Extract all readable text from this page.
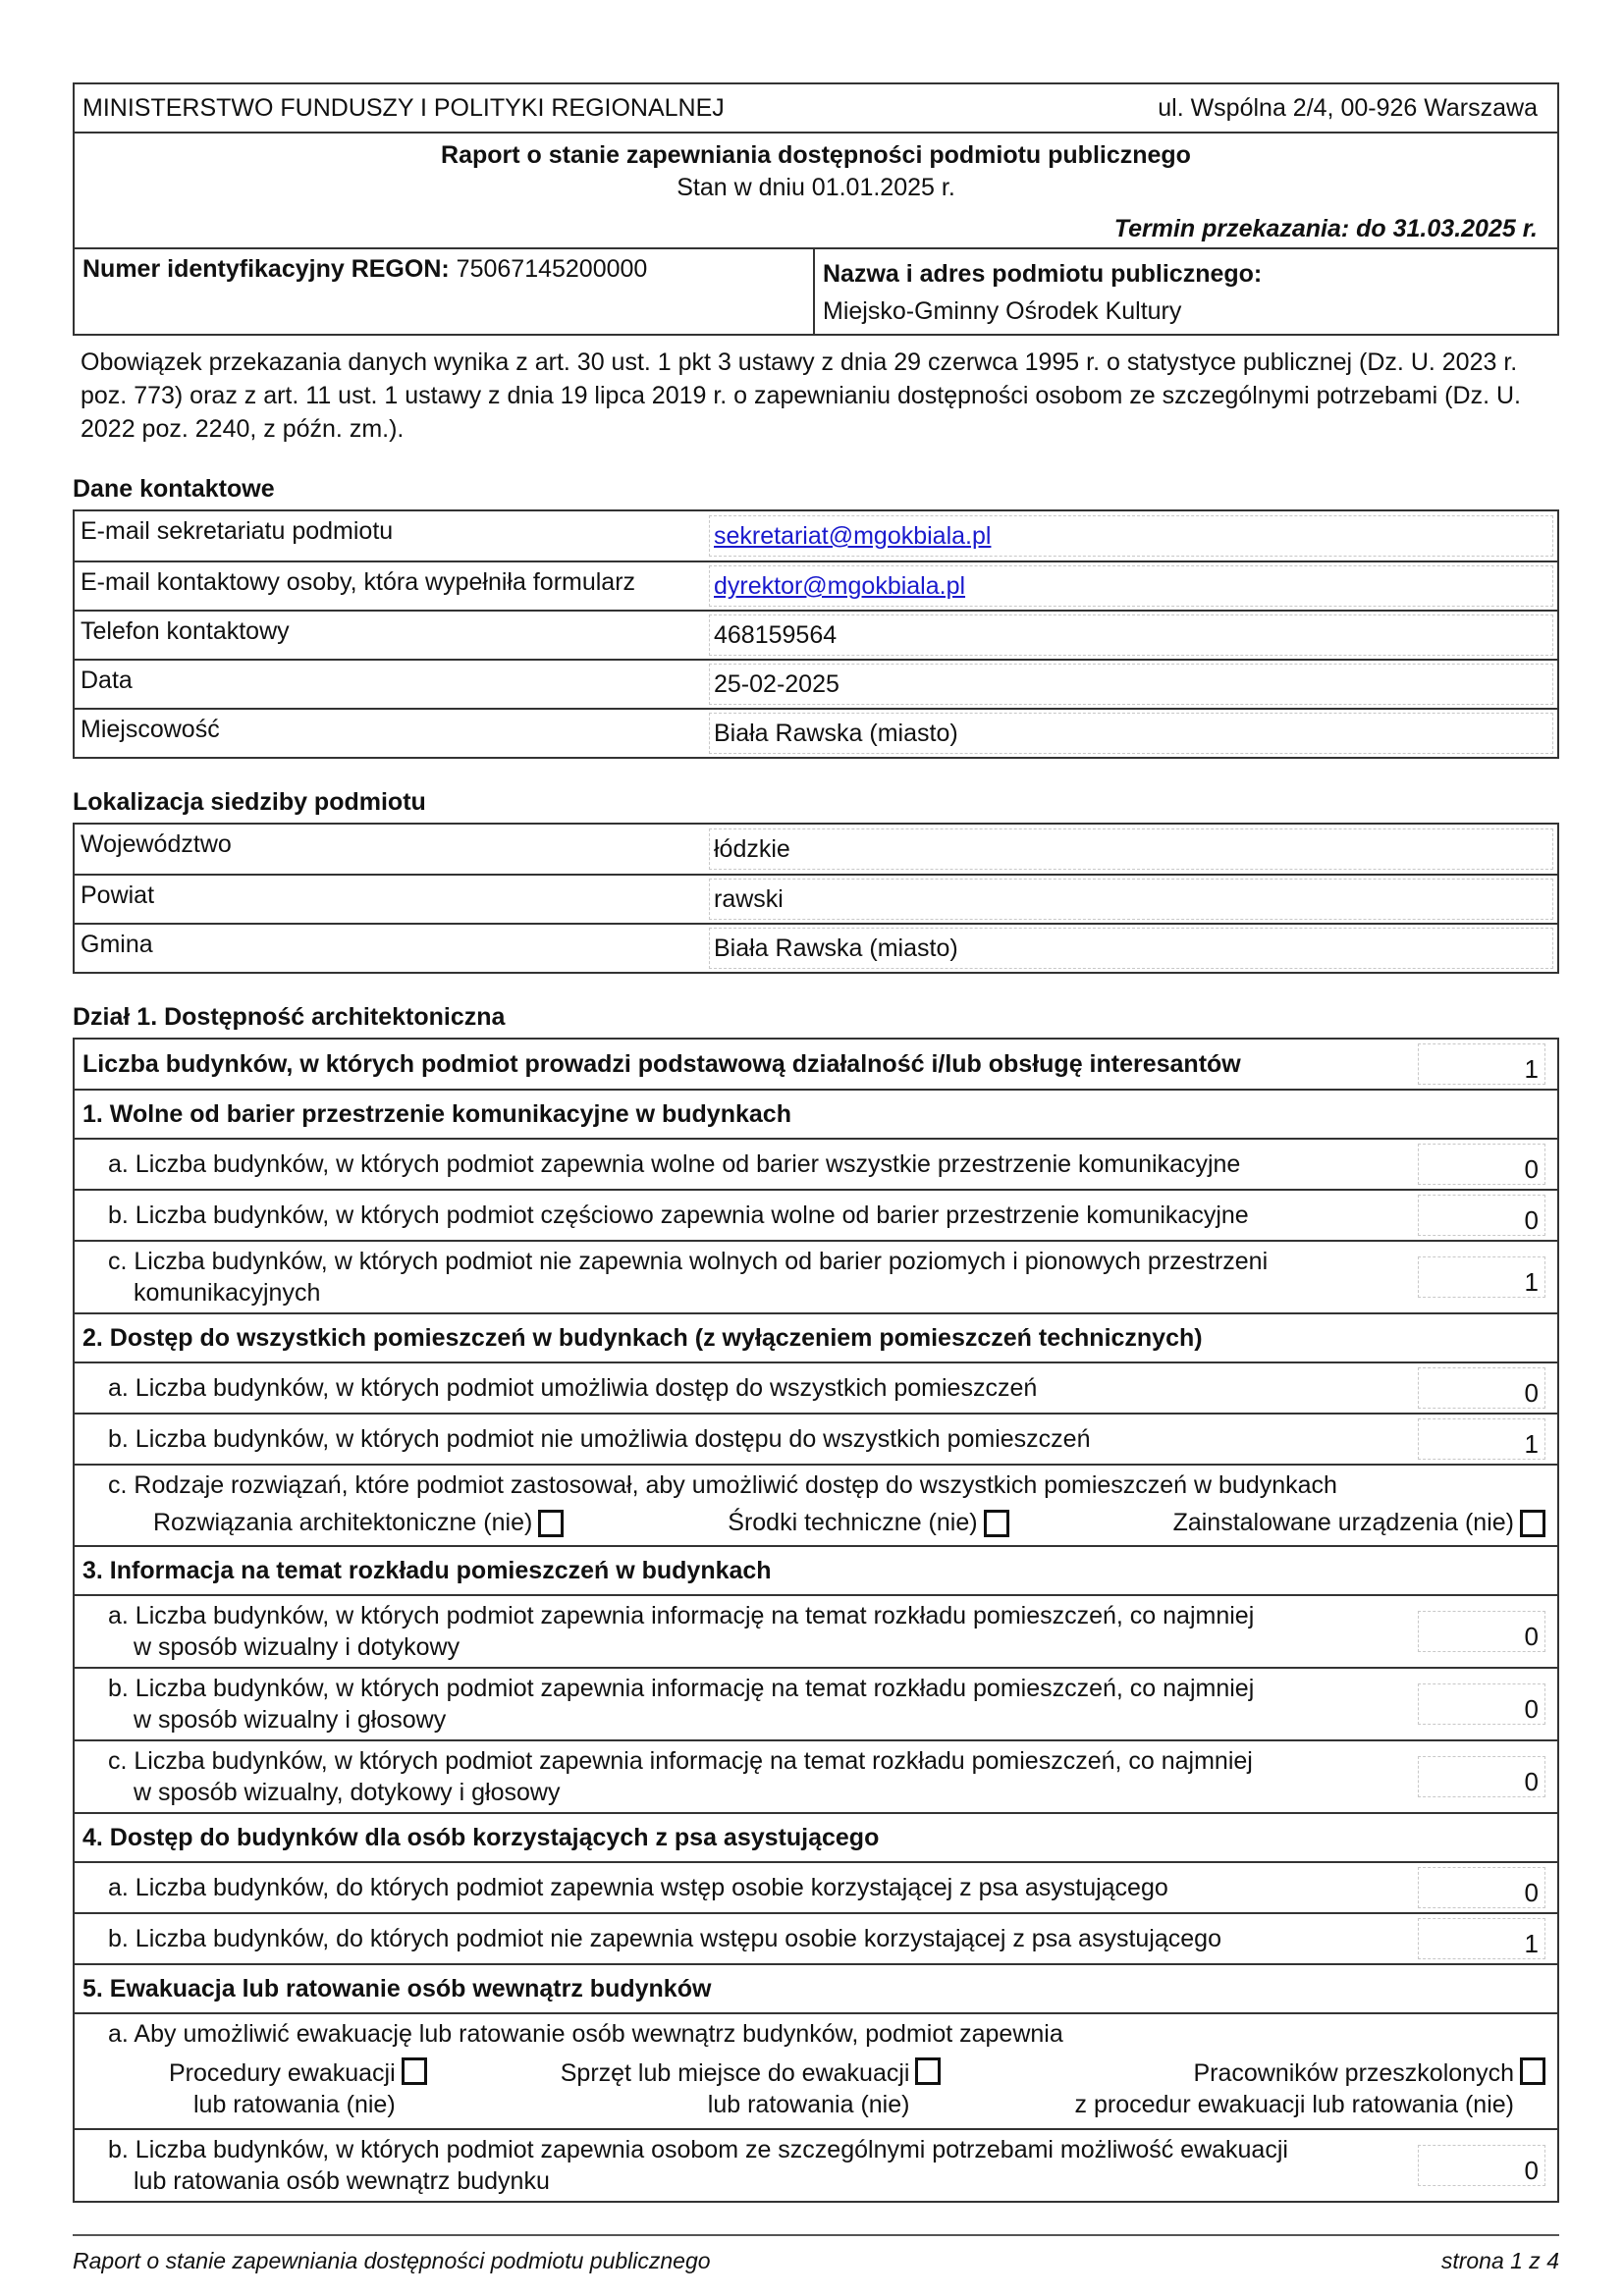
MINISTERSTWO FUNDUSZY I POLITYKI REGIONALNEJ	ul. Wspólna 2/4, 00-926 Warszawa
Raport o stanie zapewniania dostępności podmiotu publicznego
Stan w dniu 01.01.2025 r.
Termin przekazania: do 31.03.2025 r.
Numer identyfikacyjny REGON: 75067145200000	Nazwa i adres podmiotu publicznego:
Miejsko-Gminny Ośrodek Kultury
Obowiązek przekazania danych wynika z art. 30 ust. 1 pkt 3 ustawy z dnia 29 czerwca 1995 r. o statystyce publicznej (Dz. U. 2023 r. poz. 773) oraz z art. 11 ust. 1 ustawy z dnia 19 lipca 2019 r. o zapewnianiu dostępności osobom ze szczególnymi potrzebami (Dz. U. 2022 poz. 2240, z późn. zm.).
Dane kontaktowe
E-mail sekretariatu podmiotu	sekretariat@mgokbiala.pl
E-mail kontaktowy osoby, która wypełniła formularz	dyrektor@mgokbiala.pl
Telefon kontaktowy	468159564
Data	25-02-2025
Miejscowość	Biała Rawska (miasto)
Lokalizacja siedziby podmiotu
Województwo	łódzkie
Powiat	rawski
Gmina	Biała Rawska (miasto)
Dział 1. Dostępność architektoniczna
Liczba budynków, w których podmiot prowadzi podstawową działalność i/lub obsługę interesantów	1
1. Wolne od barier przestrzenie komunikacyjne w budynkach
a. Liczba budynków, w których podmiot zapewnia wolne od barier wszystkie przestrzenie komunikacyjne	0
b. Liczba budynków, w których podmiot częściowo zapewnia wolne od barier przestrzenie komunikacyjne	0
c. Liczba budynków, w których podmiot nie zapewnia wolnych od barier poziomych i pionowych przestrzeni
komunikacyjnych	1
2. Dostęp do wszystkich pomieszczeń w budynkach (z wyłączeniem pomieszczeń technicznych)
a. Liczba budynków, w których podmiot umożliwia dostęp do wszystkich pomieszczeń	0
b. Liczba budynków, w których podmiot nie umożliwia dostępu do wszystkich pomieszczeń	1
c. Rodzaje rozwiązań, które podmiot zastosował, aby umożliwić dostęp do wszystkich pomieszczeń w budynkach
Rozwiązania architektoniczne (nie)	Środki techniczne (nie)	Zainstalowane urządzenia (nie)
3. Informacja na temat rozkładu pomieszczeń w budynkach
a. Liczba budynków, w których podmiot zapewnia informację na temat rozkładu pomieszczeń, co najmniej
w sposób wizualny i dotykowy	0
b. Liczba budynków, w których podmiot zapewnia informację na temat rozkładu pomieszczeń, co najmniej
w sposób wizualny i głosowy	0
c. Liczba budynków, w których podmiot zapewnia informację na temat rozkładu pomieszczeń, co najmniej
w sposób wizualny, dotykowy i głosowy	0
4. Dostęp do budynków dla osób korzystających z psa asystującego
a. Liczba budynków, do których podmiot zapewnia wstęp osobie korzystającej z psa asystującego	0
b. Liczba budynków, do których podmiot nie zapewnia wstępu osobie korzystającej z psa asystującego	1
5. Ewakuacja lub ratowanie osób wewnątrz budynków
a. Aby umożliwić ewakuację lub ratowanie osób wewnątrz budynków, podmiot zapewnia
Procedury ewakuacji
lub ratowania (nie)
Sprzęt lub miejsce do ewakuacji
lub ratowania (nie)
Pracowników przeszkolonych
z procedur ewakuacji lub ratowania (nie)
b. Liczba budynków, w których podmiot zapewnia osobom ze szczególnymi potrzebami możliwość ewakuacji
lub ratowania osób wewnątrz budynku	0
Raport o stanie zapewniania dostępności podmiotu publicznego	strona 1 z 4
